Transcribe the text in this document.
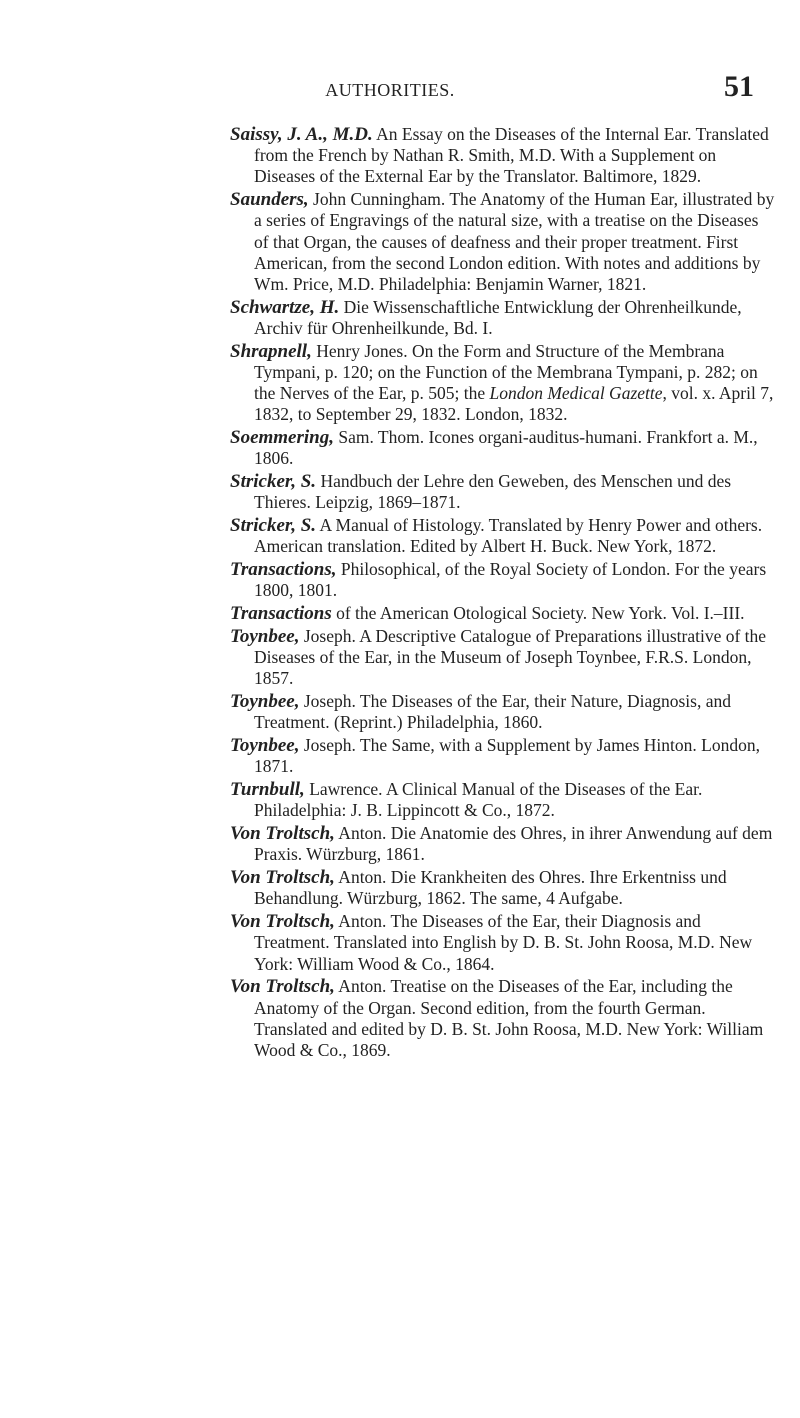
AUTHORITIES.	51

Saissy, J. A., M.D. An Essay on the Diseases of the Internal Ear. Translated from the French by Nathan R. Smith, M.D. With a Supplement on Diseases of the External Ear by the Translator. Baltimore, 1829.

Saunders, John Cunningham. The Anatomy of the Human Ear, illustrated by a series of Engravings of the natural size, with a treatise on the Diseases of that Organ, the causes of deafness and their proper treatment. First American, from the second London edition. With notes and additions by Wm. Price, M.D. Philadelphia: Benjamin Warner, 1821.

Schwartze, H. Die Wissenschaftliche Entwicklung der Ohrenheilkunde, Archiv für Ohrenheilkunde, Bd. I.

Shrapnell, Henry Jones. On the Form and Structure of the Membrana Tympani, p. 120; on the Function of the Membrana Tympani, p. 282; on the Nerves of the Ear, p. 505; the London Medical Gazette, vol. x. April 7, 1832, to September 29, 1832. London, 1832.

Soemmering, Sam. Thom. Icones organi-auditus-humani. Frankfort a. M., 1806.

Stricker, S. Handbuch der Lehre den Geweben, des Menschen und des Thieres. Leipzig, 1869–1871.

Stricker, S. A Manual of Histology. Translated by Henry Power and others. American translation. Edited by Albert H. Buck. New York, 1872.

Transactions, Philosophical, of the Royal Society of London. For the years 1800, 1801.

Transactions of the American Otological Society. New York. Vol. I.–III.

Toynbee, Joseph. A Descriptive Catalogue of Preparations illustrative of the Diseases of the Ear, in the Museum of Joseph Toynbee, F.R.S. London, 1857.

Toynbee, Joseph. The Diseases of the Ear, their Nature, Diagnosis, and Treatment. (Reprint.) Philadelphia, 1860.

Toynbee, Joseph. The Same, with a Supplement by James Hinton. London, 1871.

Turnbull, Lawrence. A Clinical Manual of the Diseases of the Ear. Philadelphia: J. B. Lippincott & Co., 1872.

Von Troltsch, Anton. Die Anatomie des Ohres, in ihrer Anwendung auf dem Praxis. Würzburg, 1861.

Von Troltsch, Anton. Die Krankheiten des Ohres. Ihre Erkentniss und Behandlung. Würzburg, 1862. The same, 4 Aufgabe.

Von Troltsch, Anton. The Diseases of the Ear, their Diagnosis and Treatment. Translated into English by D. B. St. John Roosa, M.D. New York: William Wood & Co., 1864.

Von Troltsch, Anton. Treatise on the Diseases of the Ear, including the Anatomy of the Organ. Second edition, from the fourth German. Translated and edited by D. B. St. John Roosa, M.D. New York: William Wood & Co., 1869.
